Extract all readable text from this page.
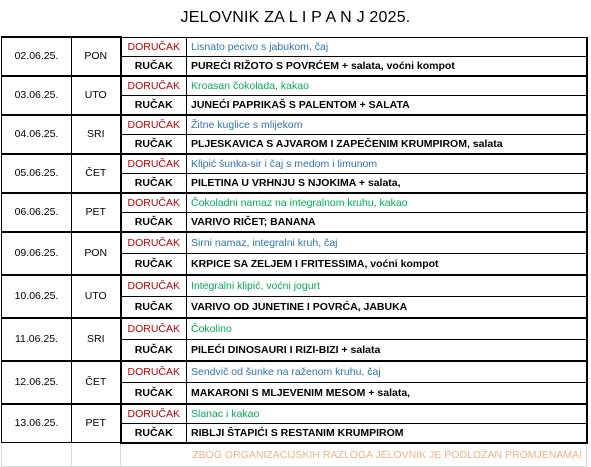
JELOVNIK ZA L I P A N J 2025.
02.06.25.	PON	DORUČAK	Lisnato pecivo s jabukom, čaj
		RUČAK	PUREĆI RIŽOTO S POVRĆEM + salata, voćni kompot
03.06.25.	UTO	DORUČAK	Kroasan čokolada, kakao
		RUČAK	JUNEĆI PAPRIKAŠ S PALENTOM + SALATA
04.06.25.	SRI	DORUČAK	Žitne kuglice s mlijekom
		RUČAK	PLJESKAVICA S AJVAROM I ZAPEČENIM KRUMPIROM, salata
05.06.25.	ČET	DORUČAK	Klipić šunka-sir i čaj s medom i limunom
		RUČAK	PILETINA U VRHNJU S NJOKIMA + salata,
06.06.25.	PET	DORUČAK	Čokoladni namaz na integralnom kruhu, kakao
		RUČAK	VARIVO RIČET; BANANA
09.06.25.	PON	DORUČAK	Sirni namaz, integralni kruh, čaj
		RUČAK	KRPICE SA ZELJEM I FRITESSIMA, voćni kompot
10.06.25.	UTO	DORUČAK	Integralni klipić, voćni jogurt
		RUČAK	VARIVO OD JUNETINE I POVRĆA, JABUKA
11.06.25.	SRI	DORUČAK	Čokolino
		RUČAK	PILEĆI DINOSAURI I RIZI-BIZI + salata
12.06.25.	ČET	DORUČAK	Sendvič od šunke na raženom kruhu, čaj
		RUČAK	MAKARONI S MLJEVENIM MESOM + salata,
13.06.25.	PET	DORUČAK	Slanac i kakao
		RUČAK	RIBLJI ŠTAPIĆI S RESTANIM KRUMPIROM
		ZBOG ORGANIZACIJSKIH RAZLOGA JELOVNIK JE PODLOŽAN PROMJENAMA!	
